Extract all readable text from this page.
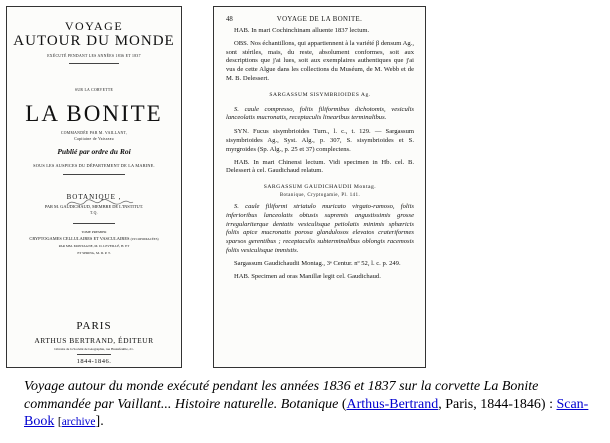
VOYAGE
AUTOUR DU MONDE
EXÉCUTÉ PENDANT LES ANNÉES 1836 ET 1837
SUR LA CORVETTE
LA BONITE
COMMANDÉE PAR M. VAILLANT,
Capitaine de Vaisseau
Publié par ordre du Roi
SOUS LES AUSPICES DU DÉPARTEMENT DE LA MARINE.
BOTANIQUE ,
PAR M. GAUDICHAUD, MEMBRE DE L'INSTITUT.
T.Q.
TOME PREMIER
CRYPTOGAMES CELLULAIRES ET VASCULAIRES (LYCOPODIACÉES)
PAR MM. MONTAGNE, M. D. LEVEILLÉ, H. ET
ET SPRING, M. D. P. T.
PARIS
ARTHUS BERTRAND, ÉDITEUR
Libraire de la Société de Géographie, rue Hautefeuille, 21.
1844-1846.
VOYAGE DE LA BONITE.
48
HAB. In mari Cochinchinam alluente 1837 lectum.
OBS. Nos échantillons, qui appartiennent à la variété β densum Ag., sont stériles, mais, du reste, absolument conformes, soit aux descriptions que j'ai lues, soit aux exemplaires authentiques que j'ai vus de cette Algue dans les collections du Muséum, de M. Webb et de M. B. Delessert.
SARGASSUM SISYMBRIOIDES Ag.
S. caule compresso, foliis filiformibus dichotomis, vesiculis lanceolatis mucronatis, receptaculis linearibus terminalibus.
SYN. Fucus sisymbrioides Turn., l. c., t. 129. — Sargassum sisymbrioides Ag., Syst. Alg., p. 307, S. sisymbrioides et S. myrgroides (Sp. Alg., p. 25 et 37) complectens.
HAB. In mari Chinensi lectum. Vidi specimen in Hb. cel. B. Delessert à cel. Gaudichaud relatum.
SARGASSUM GAUDICHAUDII Montag.
Botanique, Cryptogamie, Pl. 141.
S. caule filiformi striatulo muricato virgato-ramoso, foliis inferioribus lanceolatis obtusis supremis angustissimis grosse irregulariterque dentatis vesiculisque petiolatis minimis sphæricis foliis apice mucronatis porosa glandulosos elevatos crateriformes sparsos gerentibus ; receptaculis subterminalibus oblongis racemosis foliis vesiculisque immistis.
Sargassum Gaudichaudii Montag., 3ᵉ Centur. nº 52, l. c. p. 249.
HAB. Specimen ad oras Manillæ legit cel. Gaudichaud.
Voyage autour du monde exécuté pendant les années 1836 et 1837 sur la corvette La Bonite commandée par Vaillant... Histoire naturelle. Botanique (Arthus-Bertrand, Paris, 1844-1846) : Scan-Book [archive].
